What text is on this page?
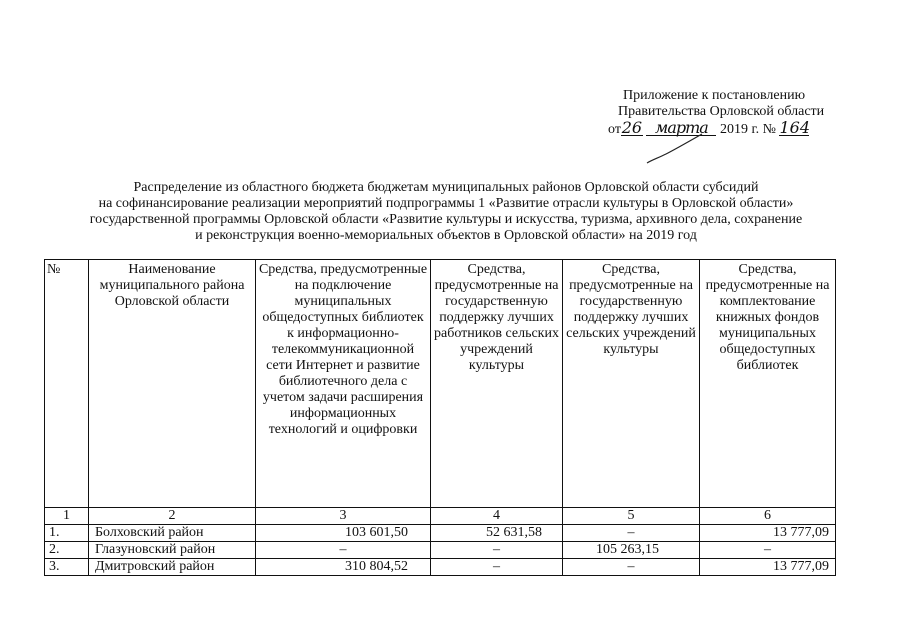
Приложение к постановлению
Правительства Орловской области
от26 марта 2019 г. № 164
Распределение из областного бюджета бюджетам муниципальных районов Орловской области субсидий
на софинансирование реализации мероприятий подпрограммы 1 «Развитие отрасли культуры в Орловской области»
государственной программы Орловской области «Развитие культуры и искусства, туризма, архивного дела, сохранение
и реконструкция военно-мемориальных объектов в Орловской области» на 2019 год
№	Наименование муниципального района Орловской области	Средства, предусмотренные на подключение муниципальных общедоступных библиотек к информационно-телекоммуникационной сети Интернет и развитие библиотечного дела с учетом задачи расширения информационных технологий и оцифровки	Средства, предусмотренные на государственную поддержку лучших работников сельских учреждений культуры	Средства, предусмотренные на государственную поддержку лучших сельских учреждений культуры	Средства, предусмотренные на комплектование книжных фондов муниципальных общедоступных библиотек
1	2	3	4	5	6
1.	Болховский район	103 601,50	52 631,58	–	13 777,09
2.	Глазуновский район	–	–	105 263,15	–
3.	Дмитровский район	310 804,52	–	–	13 777,09
